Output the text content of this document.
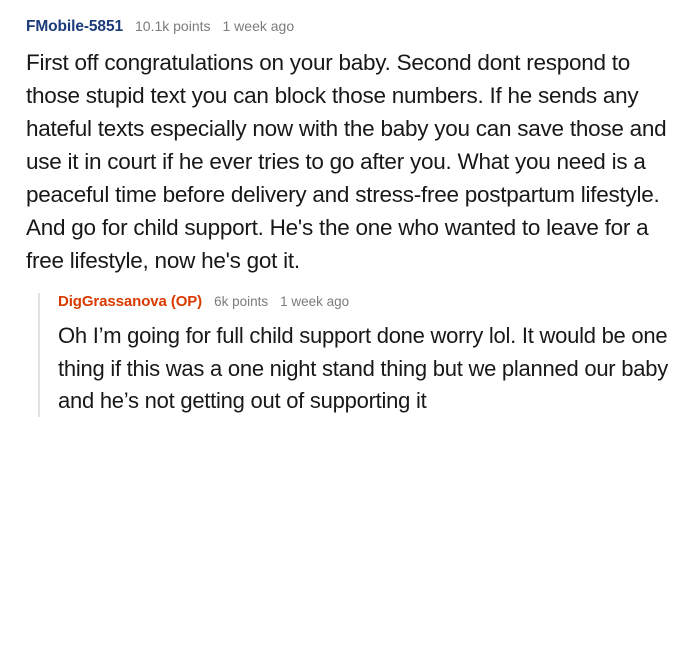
FMobile-5851 10.1k points 1 week ago

First off congratulations on your baby. Second dont respond to those stupid text you can block those numbers. If he sends any hateful texts especially now with the baby you can save those and use it in court if he ever tries to go after you. What you need is a peaceful time before delivery and stress-free postpartum lifestyle. And go for child support. He's the one who wanted to leave for a free lifestyle, now he's got it.

DigGrassanova (OP) 6k points 1 week ago

Oh I’m going for full child support done worry lol. It would be one thing if this was a one night stand thing but we planned our baby and he’s not getting out of supporting it
